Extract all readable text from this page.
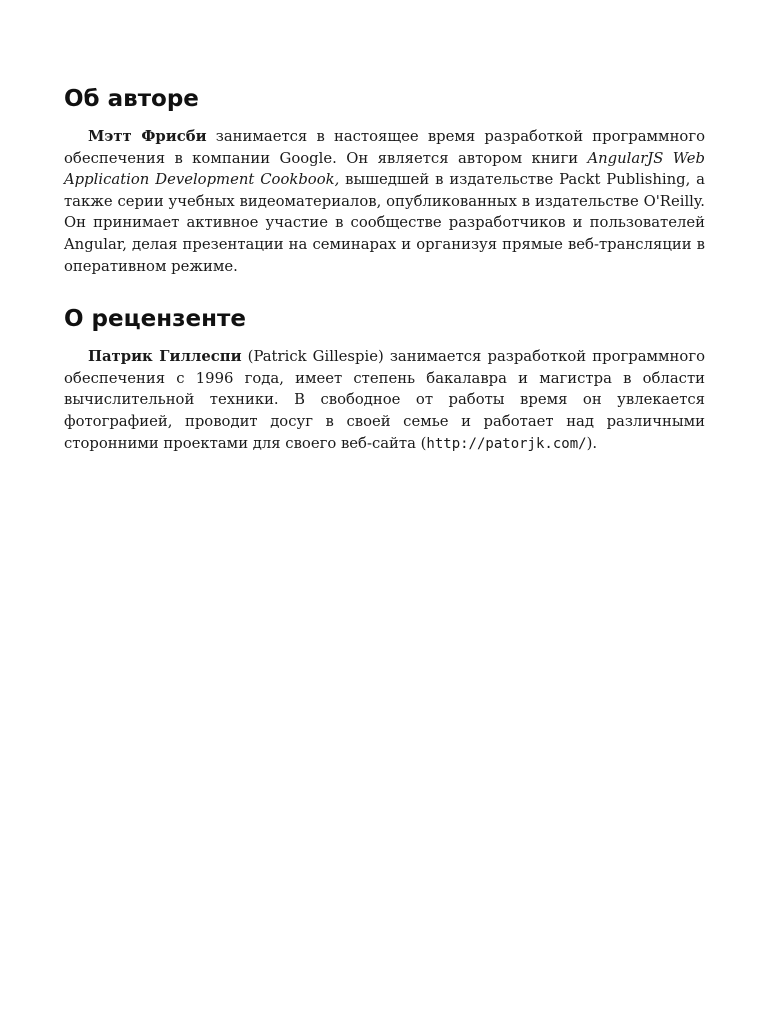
Об авторе

Мэтт Фрисби занимается в настоящее время разработкой программного обеспечения в компании Google. Он является автором книги AngularJS Web Application Development Cookbook, вышедшей в издательстве Packt Publishing, а также серии учебных видеоматериалов, опубликованных в издательстве O'Reilly. Он принимает активное участие в сообществе разработчиков и пользователей Angular, делая презентации на семинарах и организуя прямые веб-трансляции в оперативном режиме.

О рецензенте

Патрик Гиллеспи (Patrick Gillespie) занимается разработкой программного обеспечения с 1996 года, имеет степень бакалавра и магистра в области вычислительной техники. В свободное от работы время он увлекается фотографией, проводит досуг в своей семье и работает над различными сторонними проектами для своего веб-сайта (http://patorjk.com/).
